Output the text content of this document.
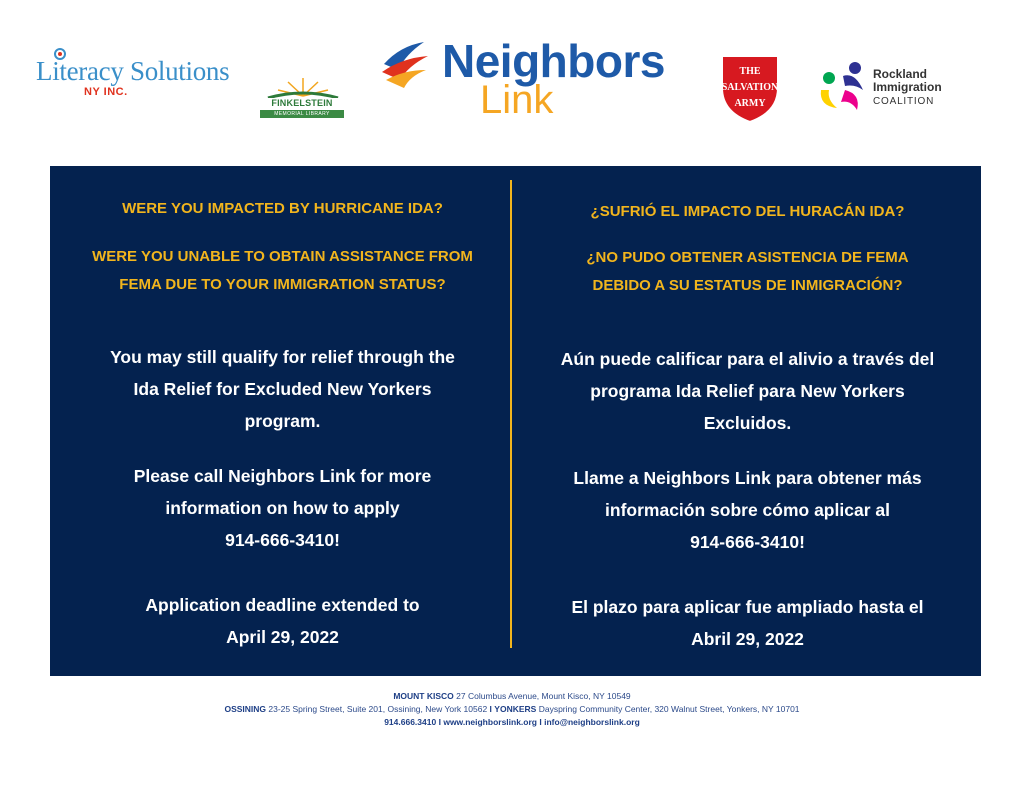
Literacy Solutions
NY INC.
FINKELSTEIN
MEMORIAL LIBRARY
Neighbors
Link
THE
SALVATION
ARMY
Rockland
Immigration
COALITION
WERE YOU IMPACTED BY HURRICANE IDA?
WERE YOU UNABLE TO OBTAIN ASSISTANCE FROM
FEMA DUE TO YOUR IMMIGRATION STATUS?
You may still qualify for relief through the
Ida Relief for Excluded New Yorkers
program.
Please call Neighbors Link for more
information on how to apply
914-666-3410!
Application deadline extended to
April 29, 2022
¿SUFRIÓ EL IMPACTO DEL HURACÁN IDA?
¿NO PUDO OBTENER ASISTENCIA DE FEMA
DEBIDO A SU ESTATUS DE INMIGRACIÓN?
Aún puede calificar para el alivio a través del
programa Ida Relief para New Yorkers
Excluidos.
Llame a Neighbors Link para obtener más
información sobre cómo aplicar al
914-666-3410!
El plazo para aplicar fue ampliado hasta el
Abril 29, 2022
MOUNT KISCO 27 Columbus Avenue, Mount Kisco, NY 10549
OSSINING 23-25 Spring Street, Suite 201, Ossining, New York 10562 I YONKERS Dayspring Community Center, 320 Walnut Street, Yonkers, NY 10701
914.666.3410 I www.neighborslink.org I info@neighborslink.org
